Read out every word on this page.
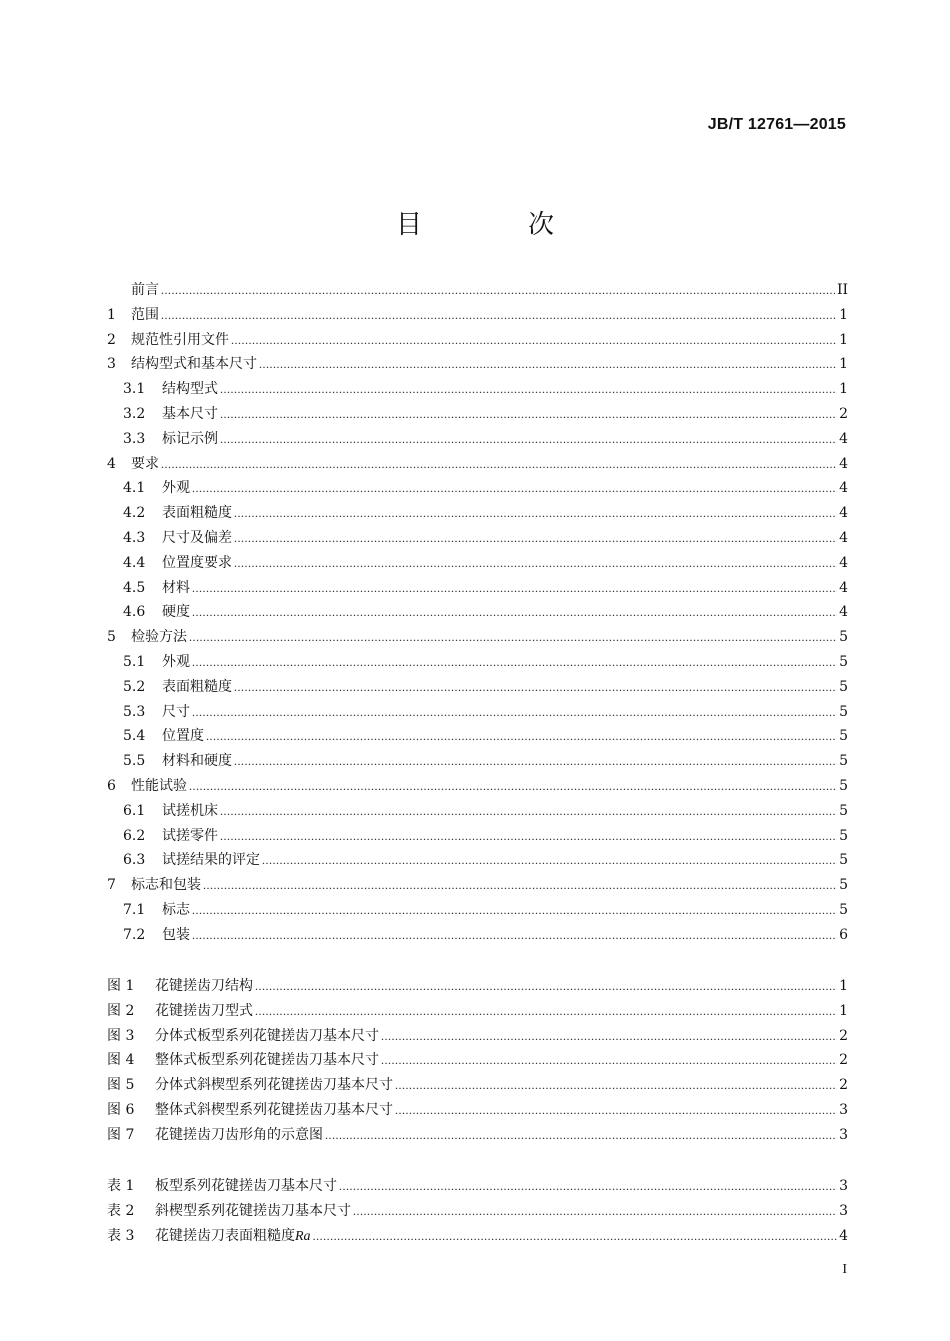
JB/T 12761—2015
目　次
前言 .....	II
1	范围 .....	1
2	规范性引用文件 .....	1
3	结构型式和基本尺寸 .....	1
3.1	结构型式 .....	1
3.2	基本尺寸 .....	2
3.3	标记示例 .....	4
4	要求 .....	4
4.1	外观 .....	4
4.2	表面粗糙度 .....	4
4.3	尺寸及偏差 .....	4
4.4	位置度要求 .....	4
4.5	材料 .....	4
4.6	硬度 .....	4
5	检验方法 .....	5
5.1	外观 .....	5
5.2	表面粗糙度 .....	5
5.3	尺寸 .....	5
5.4	位置度 .....	5
5.5	材料和硬度 .....	5
6	性能试验 .....	5
6.1	试搓机床 .....	5
6.2	试搓零件 .....	5
6.3	试搓结果的评定 .....	5
7	标志和包装 .....	5
7.1	标志 .....	5
7.2	包装 .....	6
图 1	花键搓齿刀结构 .....	1
图 2	花键搓齿刀型式 .....	1
图 3	分体式板型系列花键搓齿刀基本尺寸 .....	2
图 4	整体式板型系列花键搓齿刀基本尺寸 .....	2
图 5	分体式斜楔型系列花键搓齿刀基本尺寸 .....	2
图 6	整体式斜楔型系列花键搓齿刀基本尺寸 .....	3
图 7	花键搓齿刀齿形角的示意图 .....	3
表 1	板型系列花键搓齿刀基本尺寸 .....	3
表 2	斜楔型系列花键搓齿刀基本尺寸 .....	3
表 3	花键搓齿刀表面粗糙度 Ra .....	4
I
